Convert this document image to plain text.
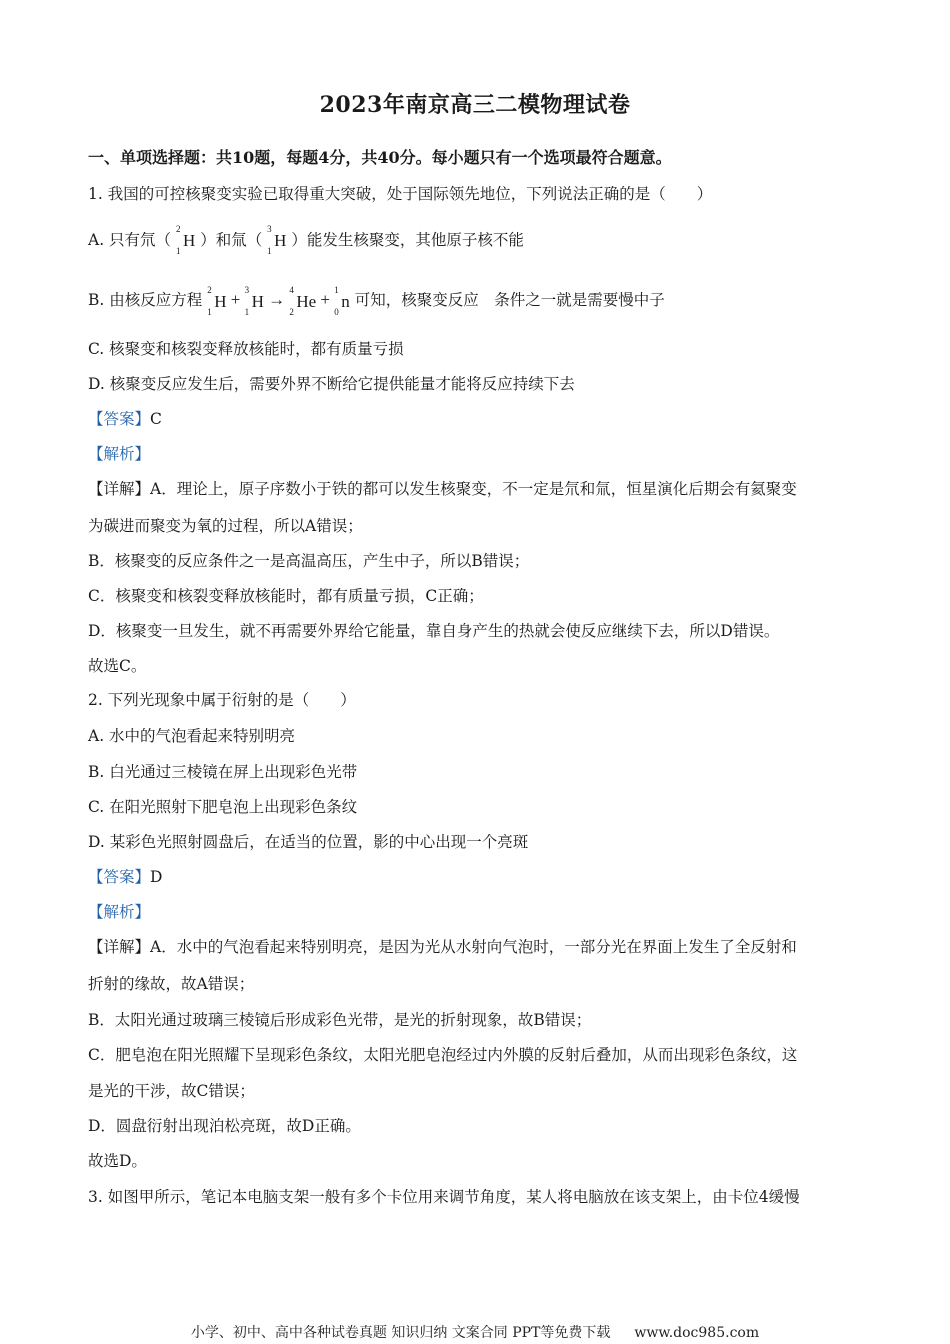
2023年南京高三二模物理试卷
一、单项选择题：共10题，每题4分，共40分。每小题只有一个选项最符合题意。
1. 我国的可控核聚变实验已取得重大突破，处于国际领先地位，下列说法正确的是（　　）
A. 只有氘（
2
1
H ）和氚（
3
1
H ）能发生核聚变，其他原子核不能
B. 由核反应方程
2
1
H +
3
1
H →
4
2
He +
1
0
n 可知，核聚变反应　条件之一就是需要慢中子
C. 核聚变和核裂变释放核能时，都有质量亏损
D. 核聚变反应发生后，需要外界不断给它提供能量才能将反应持续下去
【答案】C
【解析】
【详解】A．理论上，原子序数小于铁的都可以发生核聚变，不一定是氘和氚，恒星演化后期会有氦聚变
为碳进而聚变为氧的过程，所以A错误；
B．核聚变的反应条件之一是高温高压，产生中子，所以B错误；
C．核聚变和核裂变释放核能时，都有质量亏损，C正确；
D．核聚变一旦发生，就不再需要外界给它能量，靠自身产生的热就会使反应继续下去，所以D错误。
故选C。
2. 下列光现象中属于衍射的是（　　）
A. 水中的气泡看起来特别明亮
B. 白光通过三棱镜在屏上出现彩色光带
C. 在阳光照射下肥皂泡上出现彩色条纹
D. 某彩色光照射圆盘后，在适当的位置，影的中心出现一个亮斑
【答案】D
【解析】
【详解】A．水中的气泡看起来特别明亮，是因为光从水射向气泡时，一部分光在界面上发生了全反射和
折射的缘故，故A错误；
B．太阳光通过玻璃三棱镜后形成彩色光带，是光的折射现象，故B错误；
C．肥皂泡在阳光照耀下呈现彩色条纹，太阳光肥皂泡经过内外膜的反射后叠加，从而出现彩色条纹，这
是光的干涉，故C错误；
D．圆盘衍射出现泊松亮斑，故D正确。
故选D。
3. 如图甲所示，笔记本电脑支架一般有多个卡位用来调节角度，某人将电脑放在该支架上，由卡位4缓慢
小学、初中、高中各种试卷真题 知识归纳 文案合同 PPT等免费下载 www.doc985.com
